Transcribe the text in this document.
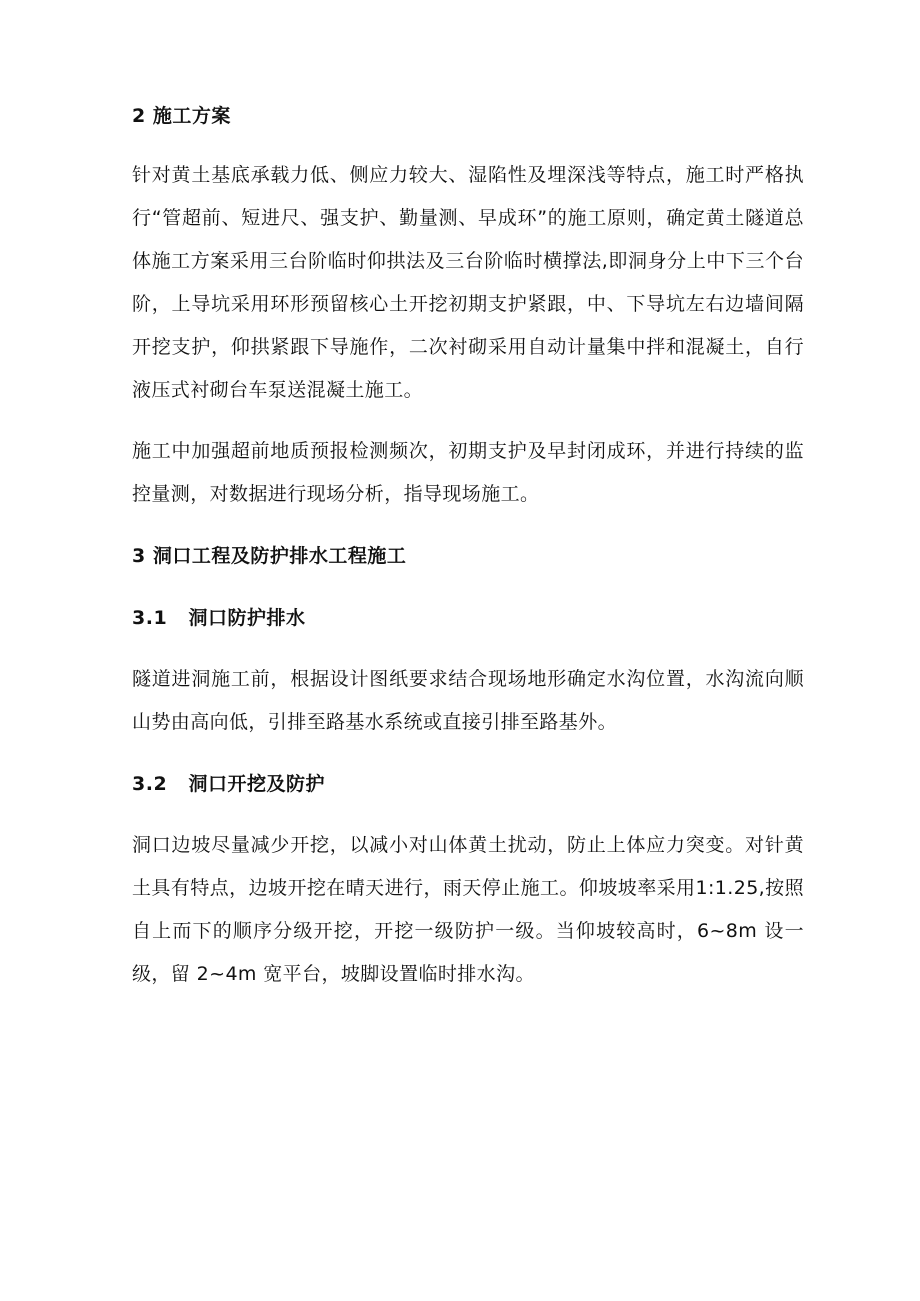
2 施工方案

针对黄土基底承载力低、侧应力较大、湿陷性及埋深浅等特点，施工时严格执行“管超前、短进尺、强支护、勤量测、早成环”的施工原则，确定黄土隧道总体施工方案采用三台阶临时仰拱法及三台阶临时横撑法,即洞身分上中下三个台阶，上导坑采用环形预留核心土开挖初期支护紧跟，中、下导坑左右边墙间隔开挖支护，仰拱紧跟下导施作，二次衬砌采用自动计量集中拌和混凝土，自行液压式衬砌台车泵送混凝土施工。

施工中加强超前地质预报检测频次，初期支护及早封闭成环，并进行持续的监控量测，对数据进行现场分析，指导现场施工。

3 洞口工程及防护排水工程施工
3.1   洞口防护排水

隧道进洞施工前，根据设计图纸要求结合现场地形确定水沟位置，水沟流向顺山势由高向低，引排至路基水系统或直接引排至路基外。

3.2   洞口开挖及防护

洞口边坡尽量减少开挖，以减小对山体黄土扰动，防止上体应力突变。对针黄土具有特点，边坡开挖在晴天进行，雨天停止施工。仰坡坡率采用1:1.25,按照自上而下的顺序分级开挖，开挖一级防护一级。当仰坡较高时，6~8m 设一级，留 2~4m 宽平台，坡脚设置临时排水沟。
